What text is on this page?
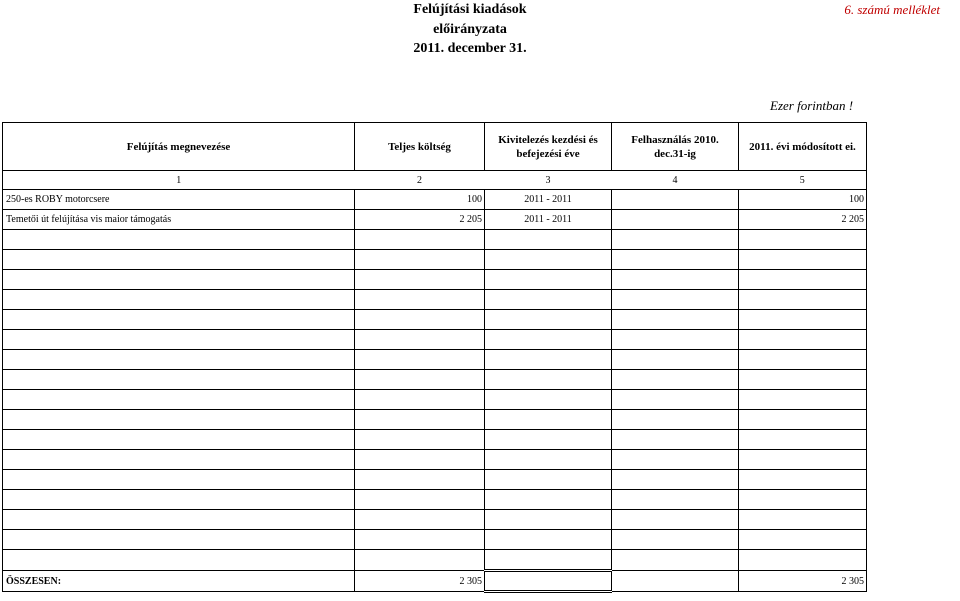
Felújítási kiadások
előirányzata
2011. december 31.
6. számú melléklet
Ezer forintban !
Felújítás megnevezése	Teljes költség	Kivitelezés kezdési és befejezési éve	Felhasználás 2010. dec.31-ig	2011. évi módosított ei.
1	2	3	4	5
250-es ROBY motorcsere	100	2011 - 2011		100
Temetői út felújítása vis maior támogatás	2 205	2011 - 2011		2 205

ÖSSZESEN:	2 305			2 305
